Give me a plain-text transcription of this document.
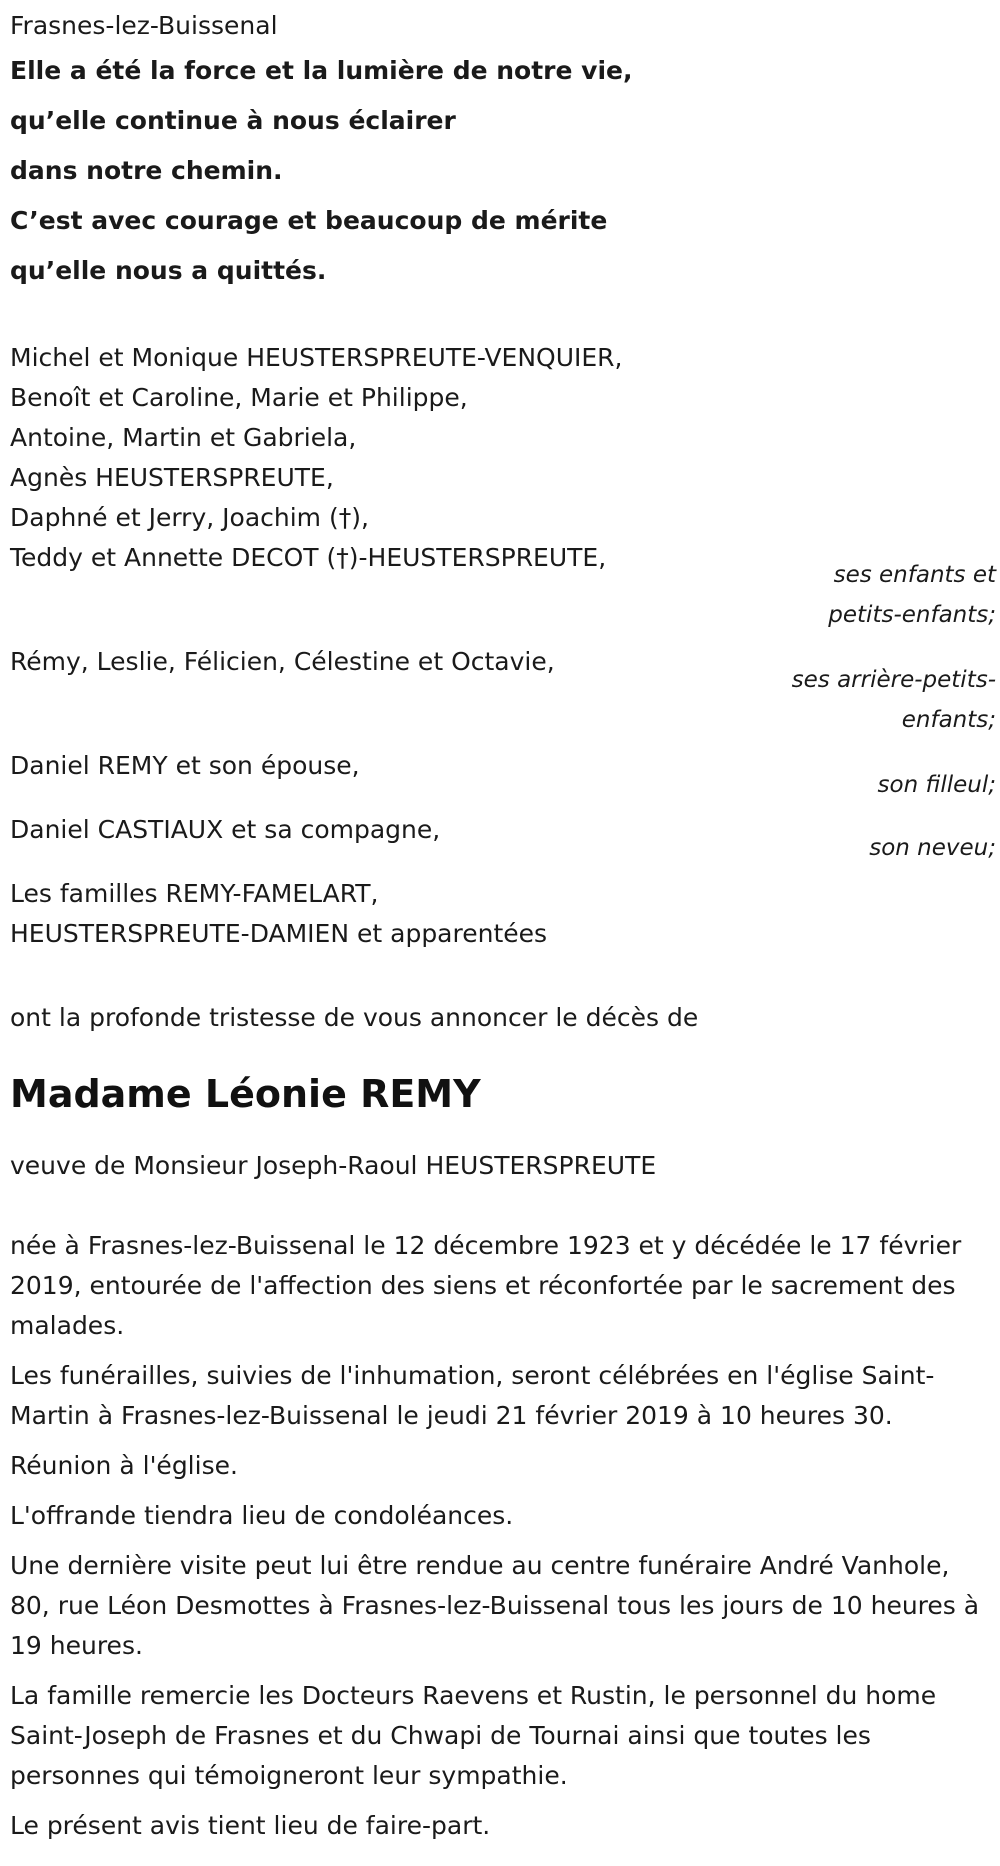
Frasnes-lez-Buissenal
Elle a été la force et la lumière de notre vie,
qu’elle continue à nous éclairer
dans notre chemin.
C’est avec courage et beaucoup de mérite
qu’elle nous a quittés.
Michel et Monique HEUSTERSPREUTE-VENQUIER,
Benoît et Caroline, Marie et Philippe,
Antoine, Martin et Gabriela,
Agnès HEUSTERSPREUTE,
Daphné et Jerry, Joachim (†),
Teddy et Annette DECOT (†)-HEUSTERSPREUTE,
Rémy, Leslie, Félicien, Célestine et Octavie,
Daniel REMY et son épouse,
Daniel CASTIAUX et sa compagne,
Les familles REMY-FAMELART,
HEUSTERSPREUTE-DAMIEN et apparentées

ont la profonde tristesse de vous annoncer le décès de

Madame Léonie REMY

veuve de Monsieur Joseph-Raoul HEUSTERSPREUTE

née à Frasnes-lez-Buissenal le 12 décembre 1923 et y décédée le 17 février 2019, entourée de l'affection des siens et réconfortée par le sacrement des malades.

Les funérailles, suivies de l'inhumation, seront célébrées en l'église Saint-Martin à Frasnes-lez-Buissenal le jeudi 21 février 2019 à 10 heures 30.

Réunion à l'église.

L'offrande tiendra lieu de condoléances.

Une dernière visite peut lui être rendue au centre funéraire André Vanhole, 80, rue Léon Desmottes à Frasnes-lez-Buissenal tous les jours de 10 heures à 19 heures.

La famille remercie les Docteurs Raevens et Rustin, le personnel du home Saint-Joseph de Frasnes et du Chwapi de Tournai ainsi que toutes les personnes qui témoigneront leur sympathie.

Le présent avis tient lieu de faire-part.

ses enfants et
petits-enfants;
ses arrière-petits-
enfants;
son filleul;
son neveu;
